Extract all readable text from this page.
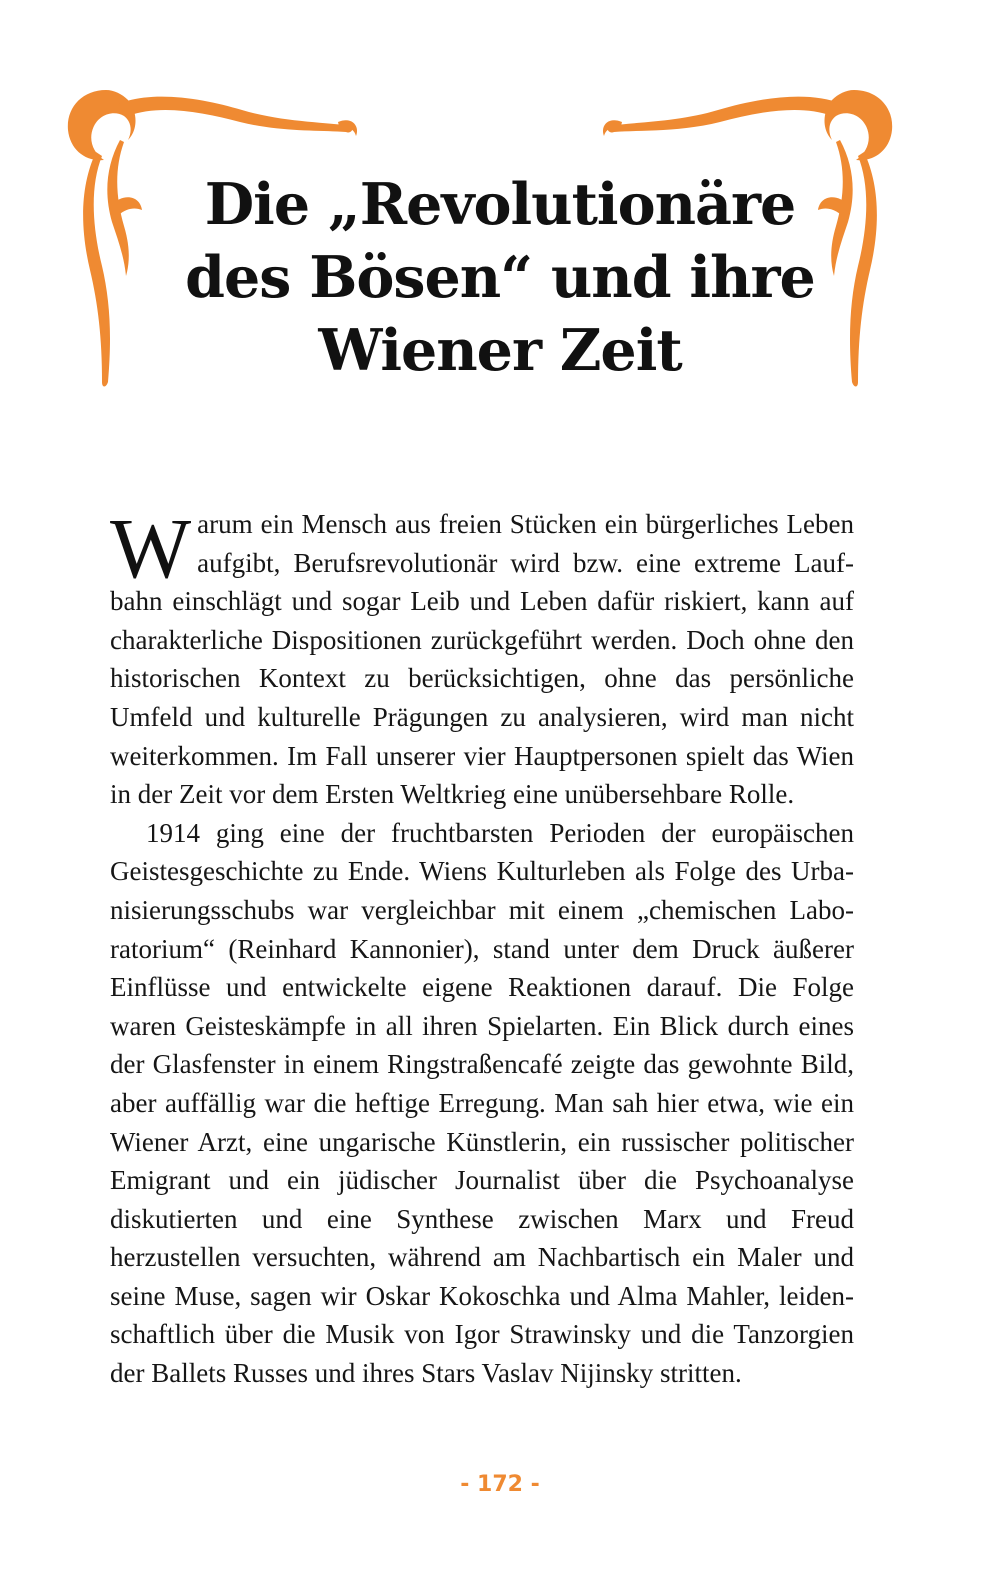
Die „Revolutionäre
des Bösen“ und ihre
Wiener Zeit

Warum ein Mensch aus freien Stücken ein bürgerliches Leben aufgibt, Berufsrevolutionär wird bzw. eine extreme Laufbahn einschlägt und sogar Leib und Leben dafür riskiert, kann auf charakterliche Dispositionen zurückgeführt werden. Doch ohne den historischen Kontext zu berücksichtigen, ohne das persönliche Umfeld und kulturelle Prägungen zu analysieren, wird man nicht weiterkommen. Im Fall unserer vier Hauptpersonen spielt das Wien in der Zeit vor dem Ersten Weltkrieg eine unübersehbare Rolle.

1914 ging eine der fruchtbarsten Perioden der europäischen Geistesgeschichte zu Ende. Wiens Kulturleben als Folge des Urbanisierungsschubs war vergleichbar mit einem „chemischen Laboratorium“ (Reinhard Kannonier), stand unter dem Druck äußerer Einflüsse und entwickelte eigene Reaktionen darauf. Die Folge waren Geisteskämpfe in all ihren Spielarten. Ein Blick durch eines der Glasfenster in einem Ringstraßencafé zeigte das gewohnte Bild, aber auffällig war die heftige Erregung. Man sah hier etwa, wie ein Wiener Arzt, eine ungarische Künstlerin, ein russischer politischer Emigrant und ein jüdischer Journalist über die Psychoanalyse diskutierten und eine Synthese zwischen Marx und Freud herzustellen versuchten, während am Nachbartisch ein Maler und seine Muse, sagen wir Oskar Kokoschka und Alma Mahler, leidenschaftlich über die Musik von Igor Strawinsky und die Tanzorgien der Ballets Russes und ihres Stars Vaslav Nijinsky stritten.

- 172 -
